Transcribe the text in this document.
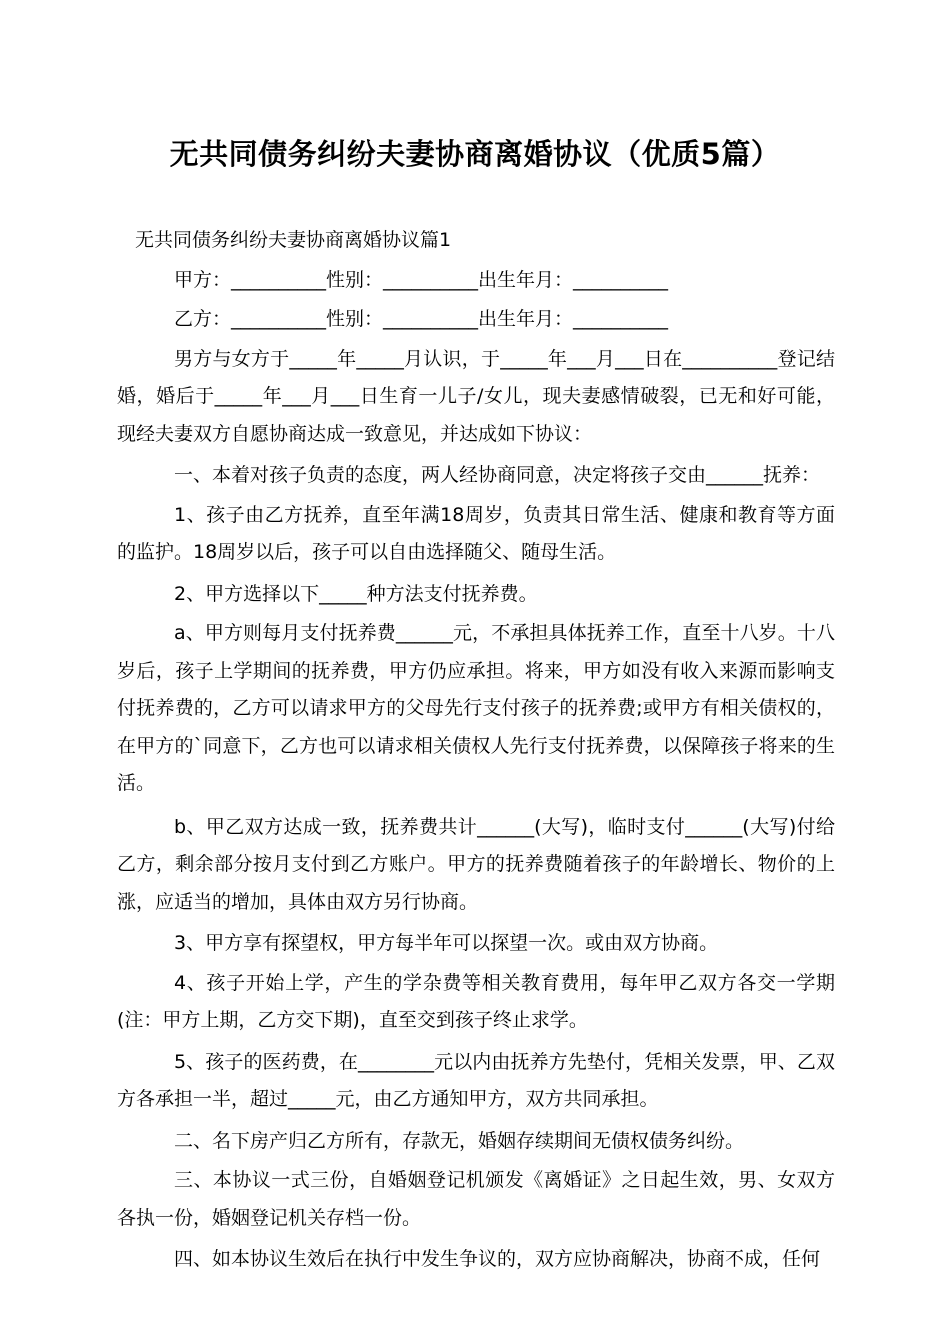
无共同债务纠纷夫妻协商离婚协议（优质5篇）

无共同债务纠纷夫妻协商离婚协议篇1

甲方：__________性别：__________出生年月：__________

乙方：__________性别：__________出生年月：__________

男方与女方于_____年_____月认识，于_____年___月___日在__________登记结婚，婚后于_____年___月___日生育一儿子/女儿，现夫妻感情破裂，已无和好可能，现经夫妻双方自愿协商达成一致意见，并达成如下协议：

一、本着对孩子负责的态度，两人经协商同意，决定将孩子交由______抚养：

1、孩子由乙方抚养，直至年满18周岁，负责其日常生活、健康和教育等方面的监护。18周岁以后，孩子可以自由选择随父、随母生活。

2、甲方选择以下_____种方法支付抚养费。

a、甲方则每月支付抚养费______元，不承担具体抚养工作，直至十八岁。十八岁后，孩子上学期间的抚养费，甲方仍应承担。将来，甲方如没有收入来源而影响支付抚养费的，乙方可以请求甲方的父母先行支付孩子的抚养费;或甲方有相关债权的，在甲方的`同意下，乙方也可以请求相关债权人先行支付抚养费，以保障孩子将来的生活。

b、甲乙双方达成一致，抚养费共计______(大写)，临时支付______(大写)付给乙方，剩余部分按月支付到乙方账户。甲方的抚养费随着孩子的年龄增长、物价的上涨，应适当的增加，具体由双方另行协商。

3、甲方享有探望权，甲方每半年可以探望一次。或由双方协商。

4、孩子开始上学，产生的学杂费等相关教育费用，每年甲乙双方各交一学期(注：甲方上期，乙方交下期)，直至交到孩子终止求学。

5、孩子的医药费，在________元以内由抚养方先垫付，凭相关发票，甲、乙双方各承担一半，超过_____元，由乙方通知甲方，双方共同承担。

二、名下房产归乙方所有，存款无，婚姻存续期间无债权债务纠纷。

三、本协议一式三份，自婚姻登记机颁发《离婚证》之日起生效，男、女双方各执一份，婚姻登记机关存档一份。

四、如本协议生效后在执行中发生争议的，双方应协商解决，协商不成，任何
